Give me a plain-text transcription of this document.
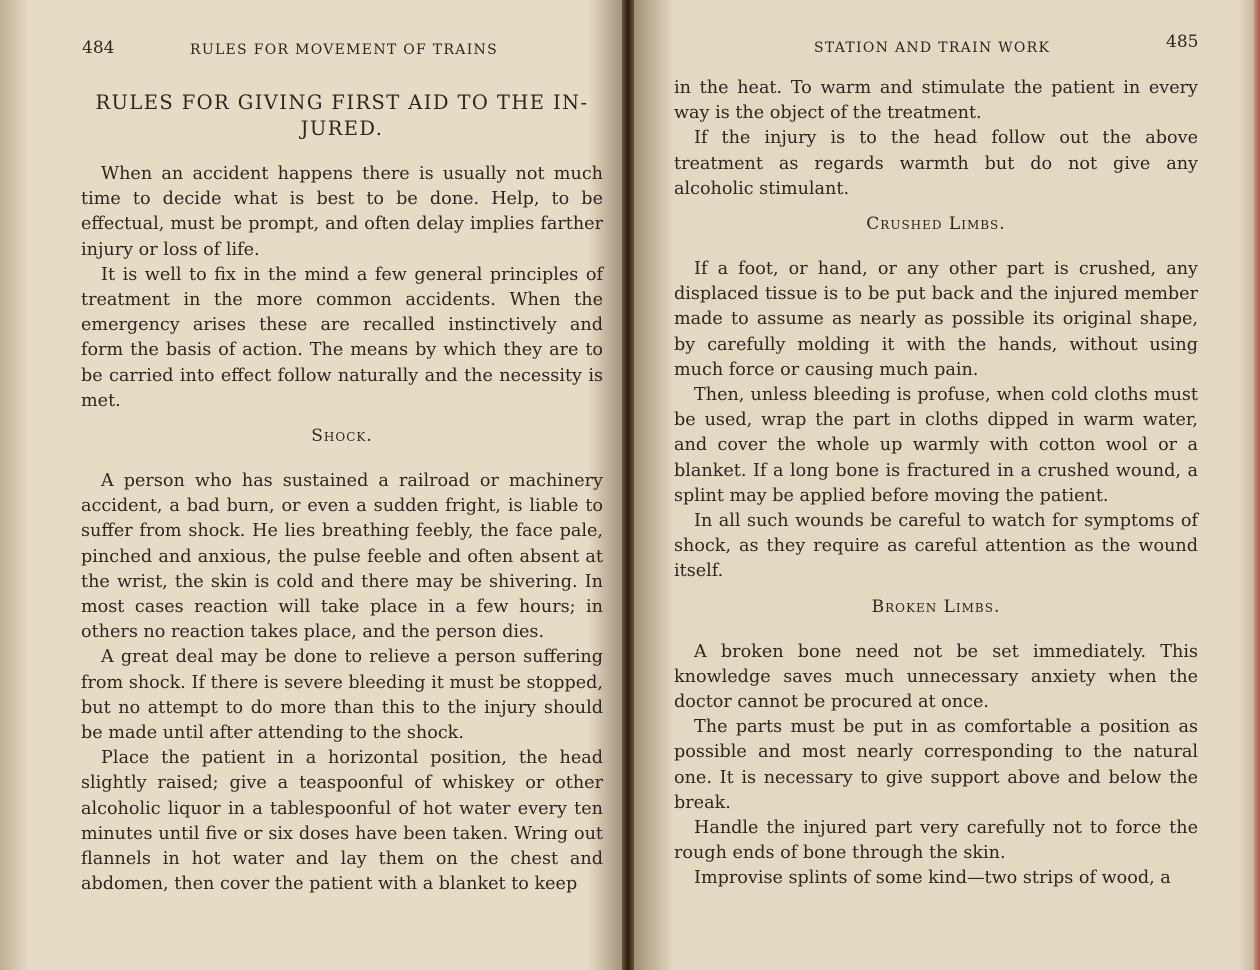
484	RULES FOR MOVEMENT OF TRAINS
RULES FOR GIVING FIRST AID TO THE IN-JURED.

When an accident happens there is usually not much time to decide what is best to be done. Help, to be effectual, must be prompt, and often delay implies farther injury or loss of life.

It is well to fix in the mind a few general principles of treatment in the more common accidents. When the emergency arises these are recalled instinctively and form the basis of action. The means by which they are to be carried into effect follow naturally and the necessity is met.

Shock.

A person who has sustained a railroad or machinery accident, a bad burn, or even a sudden fright, is liable to suffer from shock. He lies breathing feebly, the face pale, pinched and anxious, the pulse feeble and often absent at the wrist, the skin is cold and there may be shivering. In most cases reaction will take place in a few hours; in others no reaction takes place, and the person dies.

A great deal may be done to relieve a person suffering from shock. If there is severe bleeding it must be stopped, but no attempt to do more than this to the injury should be made until after attending to the shock.

Place the patient in a horizontal position, the head slightly raised; give a teaspoonful of whiskey or other alcoholic liquor in a tablespoonful of hot water every ten minutes until five or six doses have been taken. Wring out flannels in hot water and lay them on the chest and abdomen, then cover the patient with a blanket to keep

STATION AND TRAIN WORK	485

in the heat. To warm and stimulate the patient in every way is the object of the treatment.

If the injury is to the head follow out the above treatment as regards warmth but do not give any alcoholic stimulant.

Crushed Limbs.

If a foot, or hand, or any other part is crushed, any displaced tissue is to be put back and the injured member made to assume as nearly as possible its original shape, by carefully molding it with the hands, without using much force or causing much pain.

Then, unless bleeding is profuse, when cold cloths must be used, wrap the part in cloths dipped in warm water, and cover the whole up warmly with cotton wool or a blanket. If a long bone is fractured in a crushed wound, a splint may be applied before moving the patient.

In all such wounds be careful to watch for symptoms of shock, as they require as careful attention as the wound itself.

Broken Limbs.

A broken bone need not be set immediately. This knowledge saves much unnecessary anxiety when the doctor cannot be procured at once.

The parts must be put in as comfortable a position as possible and most nearly corresponding to the natural one. It is necessary to give support above and below the break.

Handle the injured part very carefully not to force the rough ends of bone through the skin.

Improvise splints of some kind—two strips of wood, a
